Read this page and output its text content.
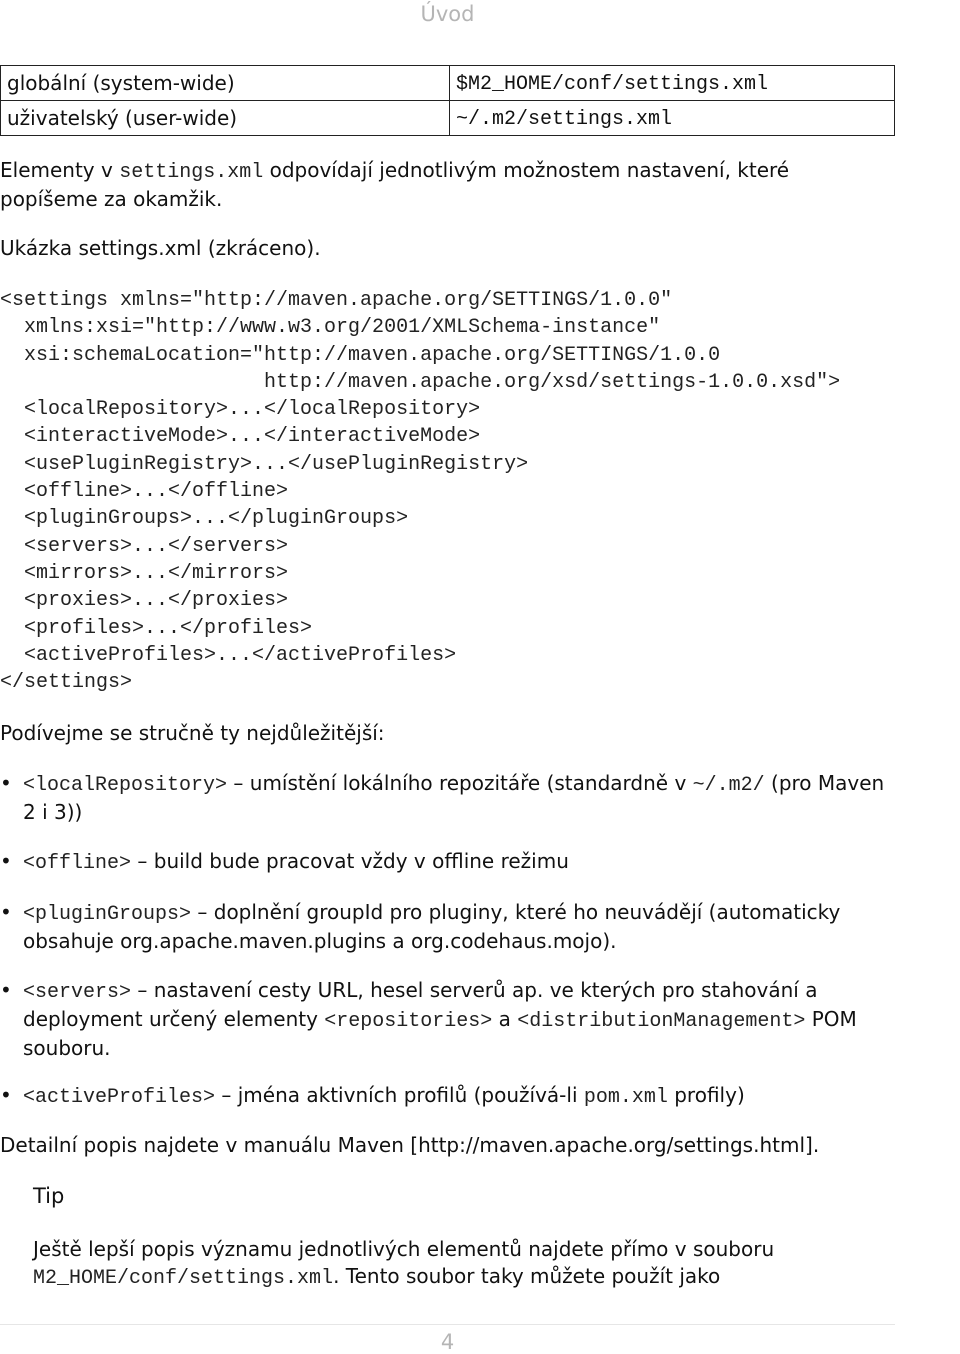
Úvod
globální (system-wide)	$M2_HOME/conf/settings.xml
uživatelský (user-wide)	~/.m2/settings.xml

Elementy v settings.xml odpovídají jednotlivým možnostem nastavení, které popíšeme za okamžik.

Ukázka settings.xml (zkráceno).

<settings xmlns="http://maven.apache.org/SETTINGS/1.0.0"
xmlns:xsi="http://www.w3.org/2001/XMLSchema-instance"
xsi:schemaLocation="http://maven.apache.org/SETTINGS/1.0.0
http://maven.apache.org/xsd/settings-1.0.0.xsd">
<localRepository>...</localRepository>
<interactiveMode>...</interactiveMode>
<usePluginRegistry>...</usePluginRegistry>
<offline>...</offline>
<pluginGroups>...</pluginGroups>
<servers>...</servers>
<mirrors>...</mirrors>
<proxies>...</proxies>
<profiles>...</profiles>
<activeProfiles>...</activeProfiles>
</settings>

Podívejme se stručně ty nejdůležitější:

• <localRepository> – umístění lokálního repozitáře (standardně v ~/.m2/ (pro Maven 2 i 3))
• <offline> – build bude pracovat vždy v offline režimu
• <pluginGroups> – doplnění groupId pro pluginy, které ho neuvádějí (automaticky obsahuje org.apache.maven.plugins a org.codehaus.mojo).
• <servers> – nastavení cesty URL, hesel serverů ap. ve kterých pro stahování a deployment určený elementy <repositories> a <distributionManagement> POM souboru.
• <activeProfiles> – jména aktivních profilů (používá-li pom.xml profily)

Detailní popis najdete v manuálu Maven [http://maven.apache.org/settings.html].

Tip
Ještě lepší popis významu jednotlivých elementů najdete přímo v souboru M2_HOME/conf/settings.xml. Tento soubor taky můžete použít jako
4
